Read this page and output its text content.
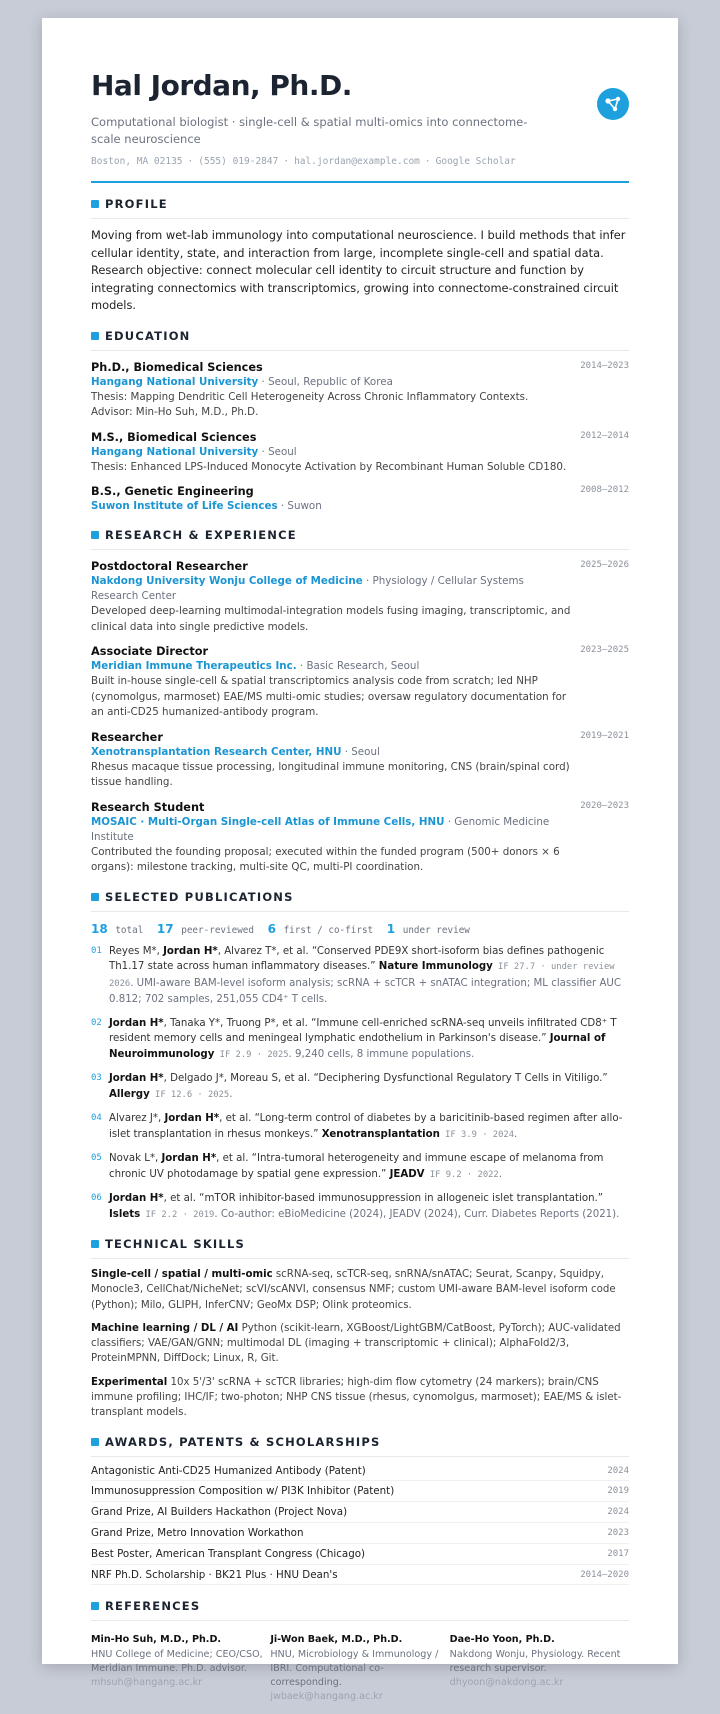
Hal Jordan, Ph.D.
Computational biologist · single-cell & spatial multi-omics into connectome-scale neuroscience
Boston, MA 02135 · (555) 019-2847 · hal.jordan@example.com · Google Scholar
PROFILE
Moving from wet-lab immunology into computational neuroscience. I build methods that infer cellular identity, state, and interaction from large, incomplete single-cell and spatial data. Research objective: connect molecular cell identity to circuit structure and function by integrating connectomics with transcriptomics, growing into connectome-constrained circuit models.
EDUCATION
Ph.D., Biomedical Sciences	2014–2023
Hangang National University · Seoul, Republic of Korea
Thesis: Mapping Dendritic Cell Heterogeneity Across Chronic Inflammatory Contexts. Advisor: Min-Ho Suh, M.D., Ph.D.
M.S., Biomedical Sciences	2012–2014
Hangang National University · Seoul
Thesis: Enhanced LPS-Induced Monocyte Activation by Recombinant Human Soluble CD180.
B.S., Genetic Engineering	2008–2012
Suwon Institute of Life Sciences · Suwon
RESEARCH & EXPERIENCE
Postdoctoral Researcher	2025–2026
Nakdong University Wonju College of Medicine · Physiology / Cellular Systems Research Center
Developed deep-learning multimodal-integration models fusing imaging, transcriptomic, and clinical data into single predictive models.
Associate Director	2023–2025
Meridian Immune Therapeutics Inc. · Basic Research, Seoul
Built in-house single-cell & spatial transcriptomics analysis code from scratch; led NHP (cynomolgus, marmoset) EAE/MS multi-omic studies; oversaw regulatory documentation for an anti-CD25 humanized-antibody program.
Researcher	2019–2021
Xenotransplantation Research Center, HNU · Seoul
Rhesus macaque tissue processing, longitudinal immune monitoring, CNS (brain/spinal cord) tissue handling.
Research Student	2020–2023
MOSAIC · Multi-Organ Single-cell Atlas of Immune Cells, HNU · Genomic Medicine Institute
Contributed the founding proposal; executed within the funded program (500+ donors × 6 organs): milestone tracking, multi-site QC, multi-PI coordination.
SELECTED PUBLICATIONS
18 total 17 peer-reviewed 6 first / co-first 1 under review
01 Reyes M*, Jordan H*, Alvarez T*, et al. “Conserved PDE9X short-isoform bias defines pathogenic Th1.17 state across human inflammatory diseases.” Nature Immunology IF 27.7 · under review 2026. UMI-aware BAM-level isoform analysis; scRNA + scTCR + snATAC integration; ML classifier AUC 0.812; 702 samples, 251,055 CD4⁺ T cells.
02 Jordan H*, Tanaka Y*, Truong P*, et al. “Immune cell-enriched scRNA-seq unveils infiltrated CD8⁺ T resident memory cells and meningeal lymphatic endothelium in Parkinson's disease.” Journal of Neuroimmunology IF 2.9 · 2025. 9,240 cells, 8 immune populations.
03 Jordan H*, Delgado J*, Moreau S, et al. “Deciphering Dysfunctional Regulatory T Cells in Vitiligo.” Allergy IF 12.6 · 2025.
04 Alvarez J*, Jordan H*, et al. “Long-term control of diabetes by a baricitinib-based regimen after allo-islet transplantation in rhesus monkeys.” Xenotransplantation IF 3.9 · 2024.
05 Novak L*, Jordan H*, et al. “Intra-tumoral heterogeneity and immune escape of melanoma from chronic UV photodamage by spatial gene expression.” JEADV IF 9.2 · 2022.
06 Jordan H*, et al. “mTOR inhibitor-based immunosuppression in allogeneic islet transplantation.” Islets IF 2.2 · 2019. Co-author: eBioMedicine (2024), JEADV (2024), Curr. Diabetes Reports (2021).
TECHNICAL SKILLS
Single-cell / spatial / multi-omic scRNA-seq, scTCR-seq, snRNA/snATAC; Seurat, Scanpy, Squidpy, Monocle3, CellChat/NicheNet; scVI/scANVI, consensus NMF; custom UMI-aware BAM-level isoform code (Python); Milo, GLIPH, InferCNV; GeoMx DSP; Olink proteomics.
Machine learning / DL / AI Python (scikit-learn, XGBoost/LightGBM/CatBoost, PyTorch); AUC-validated classifiers; VAE/GAN/GNN; multimodal DL (imaging + transcriptomic + clinical); AlphaFold2/3, ProteinMPNN, DiffDock; Linux, R, Git.
Experimental 10x 5'/3' scRNA + scTCR libraries; high-dim flow cytometry (24 markers); brain/CNS immune profiling; IHC/IF; two-photon; NHP CNS tissue (rhesus, cynomolgus, marmoset); EAE/MS & islet-transplant models.
AWARDS, PATENTS & SCHOLARSHIPS
Antagonistic Anti-CD25 Humanized Antibody (Patent)	2024
Immunosuppression Composition w/ PI3K Inhibitor (Patent)	2019
Grand Prize, AI Builders Hackathon (Project Nova)	2024
Grand Prize, Metro Innovation Workathon	2023
Best Poster, American Transplant Congress (Chicago)	2017
NRF Ph.D. Scholarship · BK21 Plus · HNU Dean's	2014–2020
REFERENCES
Min-Ho Suh, M.D., Ph.D.
HNU College of Medicine; CEO/CSO, Meridian Immune. Ph.D. advisor.
mhsuh@hangang.ac.kr
Ji-Won Baek, M.D., Ph.D.
HNU, Microbiology & Immunology / IBRI. Computational co-corresponding.
jwbaek@hangang.ac.kr
Dae-Ho Yoon, Ph.D.
Nakdong Wonju, Physiology. Recent research supervisor.
dhyoon@nakdong.ac.kr
